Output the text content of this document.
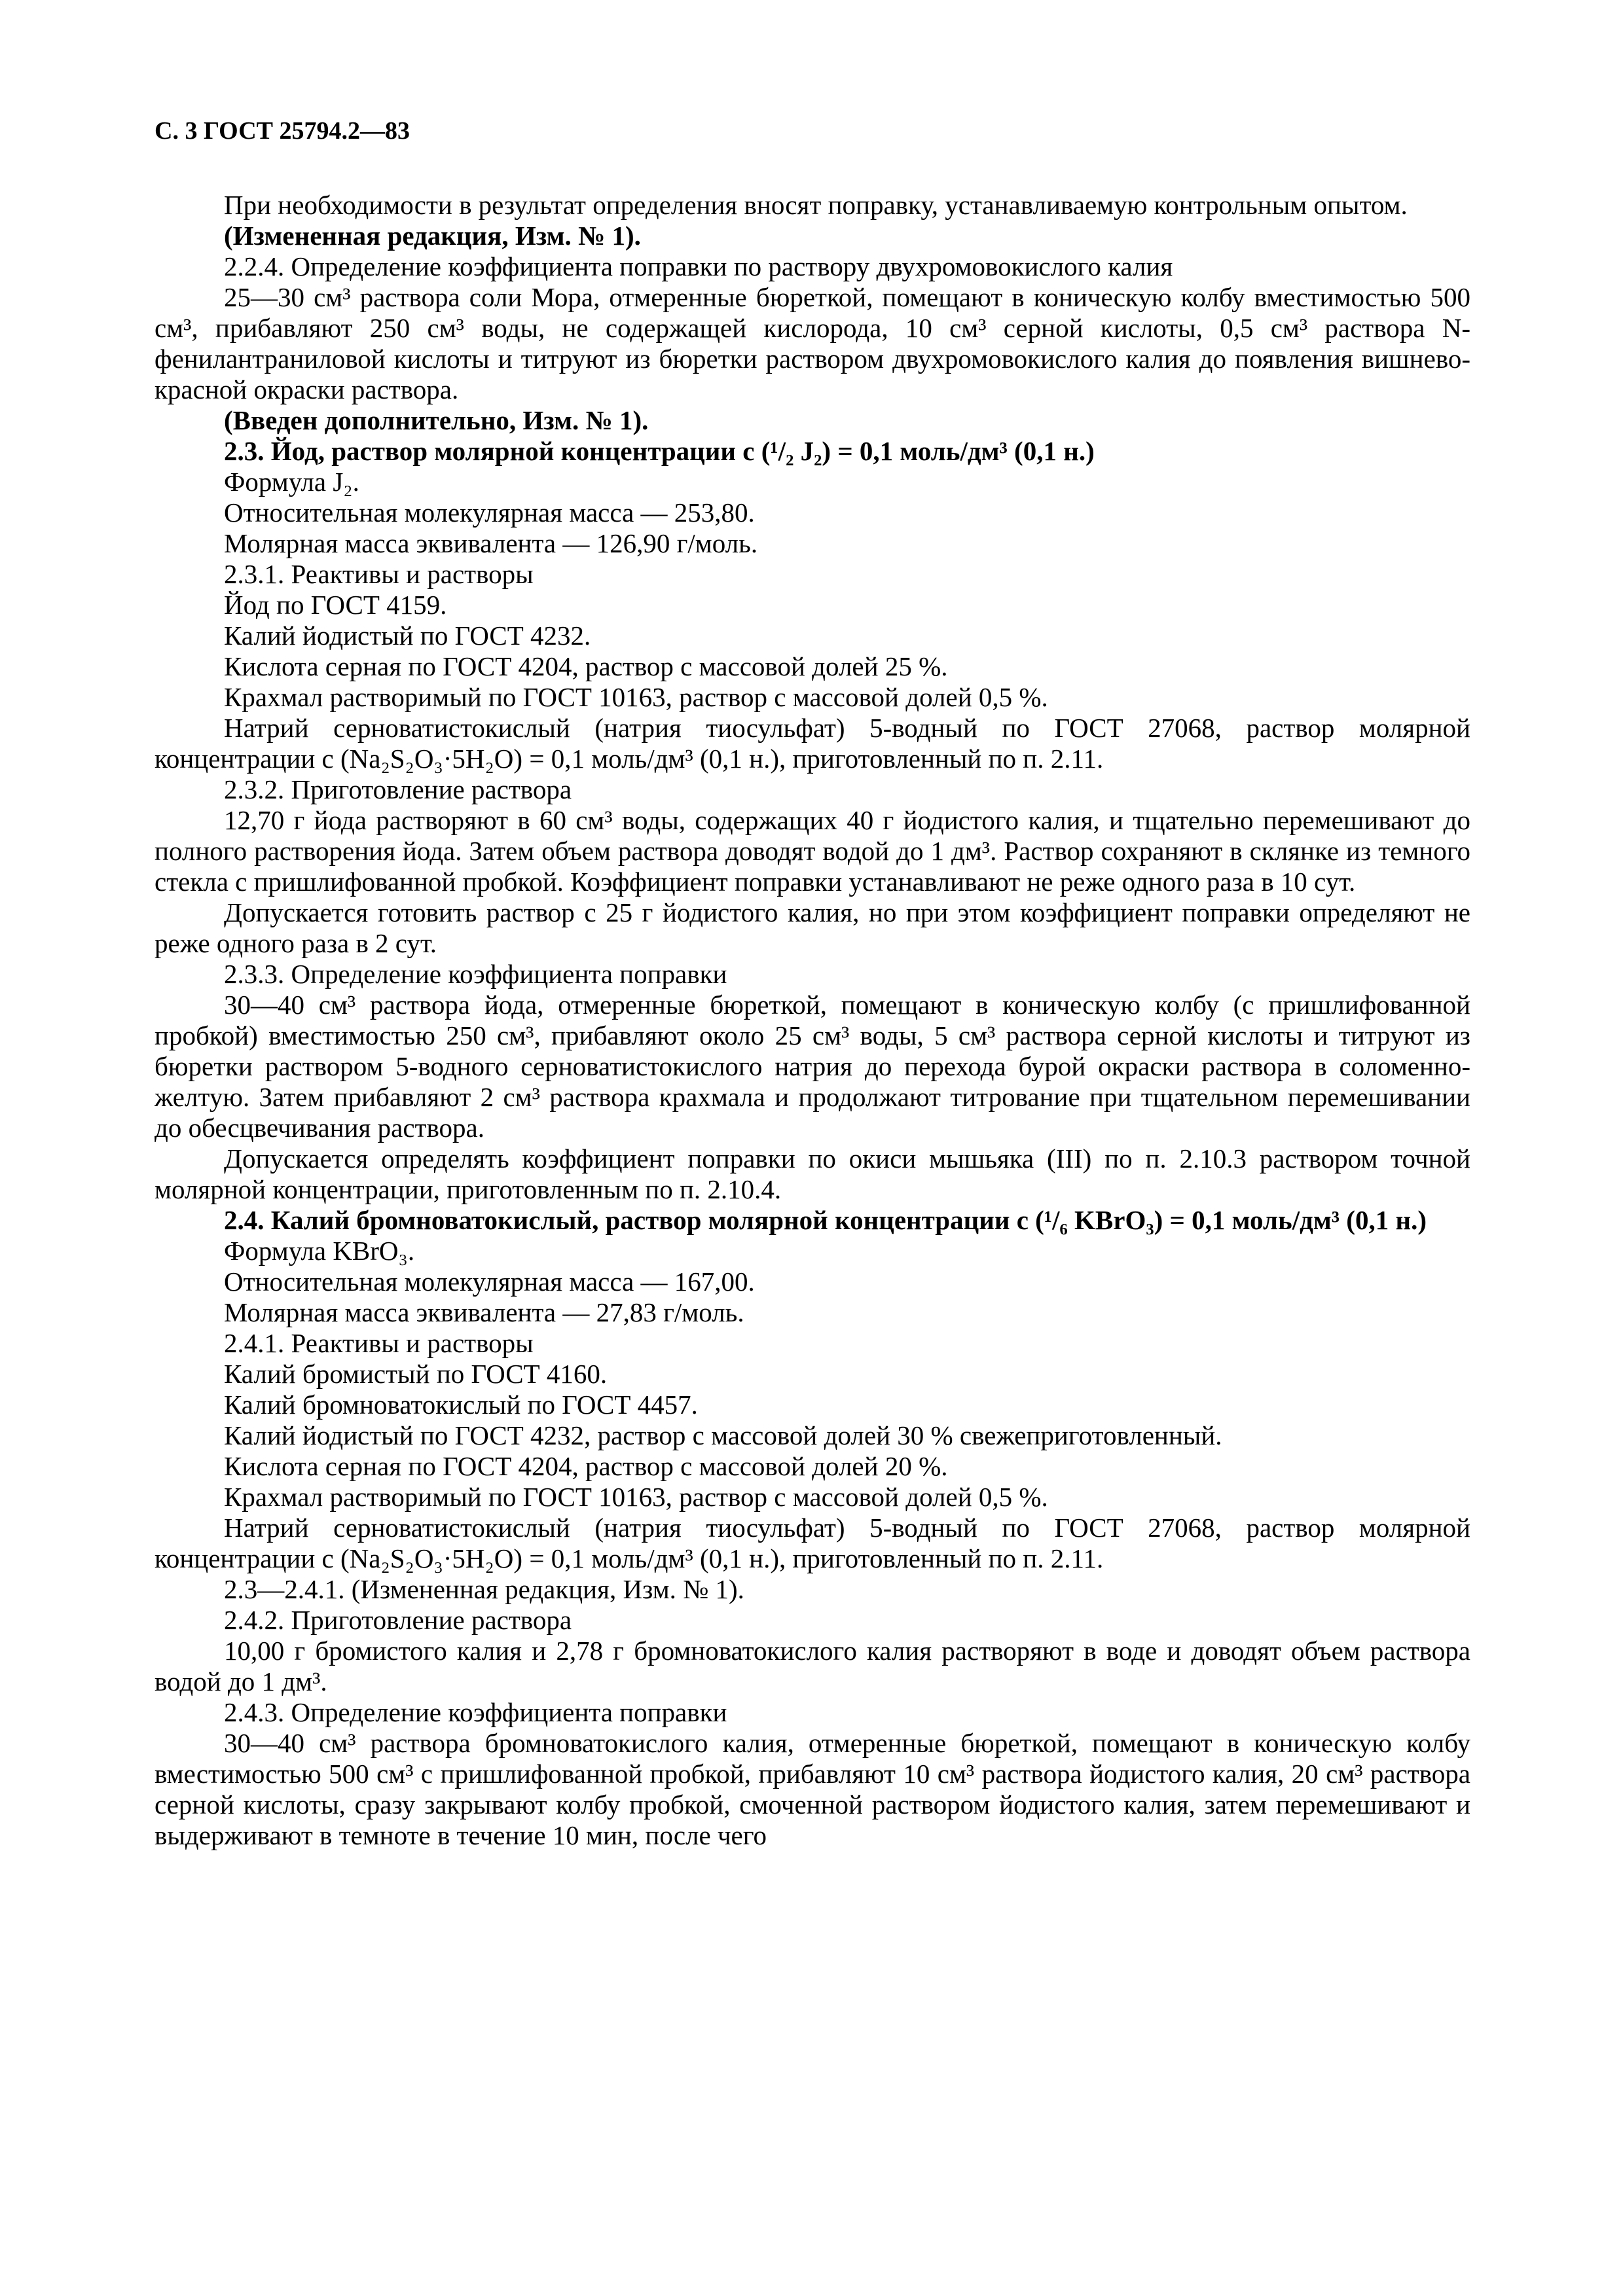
С. 3 ГОСТ 25794.2—83

При необходимости в результат определения вносят поправку, устанавливаемую контрольным опытом.

(Измененная редакция, Изм. № 1).

2.2.4. Определение коэффициента поправки по раствору двухромовокислого калия

25—30 см³ раствора соли Мора, отмеренные бюреткой, помещают в коническую колбу вместимостью 500 см³, прибавляют 250 см³ воды, не содержащей кислорода, 10 см³ серной кислоты, 0,5 см³ раствора N-фенилантраниловой кислоты и титруют из бюретки раствором двухромовокислого калия до появления вишнево-красной окраски раствора.

(Введен дополнительно, Изм. № 1).

2.3. Йод, раствор молярной концентрации c (¹/₂ J₂) = 0,1 моль/дм³ (0,1 н.)

Формула J₂.

Относительная молекулярная масса — 253,80.

Молярная масса эквивалента — 126,90 г/моль.

2.3.1. Реактивы и растворы

Йод по ГОСТ 4159.

Калий йодистый по ГОСТ 4232.

Кислота серная по ГОСТ 4204, раствор с массовой долей 25 %.

Крахмал растворимый по ГОСТ 10163, раствор с массовой долей 0,5 %.

Натрий серноватистокислый (натрия тиосульфат) 5-водный по ГОСТ 27068, раствор молярной концентрации c (Na₂S₂O₃·5H₂O) = 0,1 моль/дм³ (0,1 н.), приготовленный по п. 2.11.

2.3.2. Приготовление раствора

12,70 г йода растворяют в 60 см³ воды, содержащих 40 г йодистого калия, и тщательно перемешивают до полного растворения йода. Затем объем раствора доводят водой до 1 дм³. Раствор сохраняют в склянке из темного стекла с пришлифованной пробкой. Коэффициент поправки устанавливают не реже одного раза в 10 сут.

Допускается готовить раствор с 25 г йодистого калия, но при этом коэффициент поправки определяют не реже одного раза в 2 сут.

2.3.3. Определение коэффициента поправки

30—40 см³ раствора йода, отмеренные бюреткой, помещают в коническую колбу (с пришлифованной пробкой) вместимостью 250 см³, прибавляют около 25 см³ воды, 5 см³ раствора серной кислоты и титруют из бюретки раствором 5-водного серноватистокислого натрия до перехода бурой окраски раствора в соломенно-желтую. Затем прибавляют 2 см³ раствора крахмала и продолжают титрование при тщательном перемешивании до обесцвечивания раствора.

Допускается определять коэффициент поправки по окиси мышьяка (III) по п. 2.10.3 раствором точной молярной концентрации, приготовленным по п. 2.10.4.

2.4. Калий бромноватокислый, раствор молярной концентрации c (¹/₆ KBrO₃) = 0,1 моль/дм³ (0,1 н.)

Формула KBrO₃.

Относительная молекулярная масса — 167,00.

Молярная масса эквивалента — 27,83 г/моль.

2.4.1. Реактивы и растворы

Калий бромистый по ГОСТ 4160.

Калий бромноватокислый по ГОСТ 4457.

Калий йодистый по ГОСТ 4232, раствор с массовой долей 30 % свежеприготовленный.

Кислота серная по ГОСТ 4204, раствор с массовой долей 20 %.

Крахмал растворимый по ГОСТ 10163, раствор с массовой долей 0,5 %.

Натрий серноватистокислый (натрия тиосульфат) 5-водный по ГОСТ 27068, раствор молярной концентрации c (Na₂S₂O₃·5H₂O) = 0,1 моль/дм³ (0,1 н.), приготовленный по п. 2.11.

2.3—2.4.1. (Измененная редакция, Изм. № 1).

2.4.2. Приготовление раствора

10,00 г бромистого калия и 2,78 г бромноватокислого калия растворяют в воде и доводят объем раствора водой до 1 дм³.

2.4.3. Определение коэффициента поправки

30—40 см³ раствора бромноватокислого калия, отмеренные бюреткой, помещают в коническую колбу вместимостью 500 см³ с пришлифованной пробкой, прибавляют 10 см³ раствора йодистого калия, 20 см³ раствора серной кислоты, сразу закрывают колбу пробкой, смоченной раствором йодистого калия, затем перемешивают и выдерживают в темноте в течение 10 мин, после чего
